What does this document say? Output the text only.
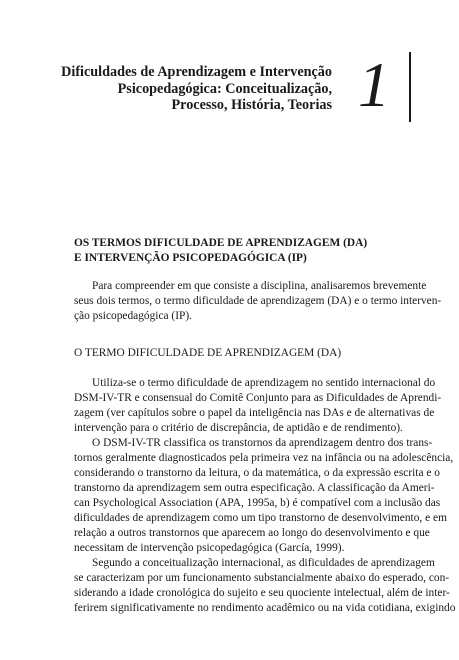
Dificuldades de Aprendizagem e Intervenção
Psicopedagógica: Conceitualização,
Processo, História, Teorias 1
OS TERMOS DIFICULDADE DE APRENDIZAGEM (DA)
E INTERVENÇÃO PSICOPEDAGÓGICA (IP)
Para compreender em que consiste a disciplina, analisaremos brevemente
seus dois termos, o termo dificuldade de aprendizagem (DA) e o termo interven-
ção psicopedagógica (IP).
O TERMO DIFICULDADE DE APRENDIZAGEM (DA)
Utiliza-se o termo dificuldade de aprendizagem no sentido internacional do
DSM-IV-TR e consensual do Comitê Conjunto para as Dificuldades de Aprendi-
zagem (ver capítulos sobre o papel da inteligência nas DAs e de alternativas de
intervenção para o critério de discrepância, de aptidão e de rendimento).
O DSM-IV-TR classifica os transtornos da aprendizagem dentro dos trans-
tornos geralmente diagnosticados pela primeira vez na infância ou na adolescência,
considerando o transtorno da leitura, o da matemática, o da expressão escrita e o
transtorno da aprendizagem sem outra especificação. A classificação da Ameri-
can Psychological Association (APA, 1995a, b) é compatível com a inclusão das
dificuldades de aprendizagem como um tipo transtorno de desenvolvimento, e em
relação a outros transtornos que aparecem ao longo do desenvolvimento e que
necessitam de intervenção psicopedagógica (García, 1999).
Segundo a conceitualização internacional, as dificuldades de aprendizagem
se caracterizam por um funcionamento substancialmente abaixo do esperado, con-
siderando a idade cronológica do sujeito e seu quociente intelectual, além de inter-
ferirem significativamente no rendimento acadêmico ou na vida cotidiana, exigindo
